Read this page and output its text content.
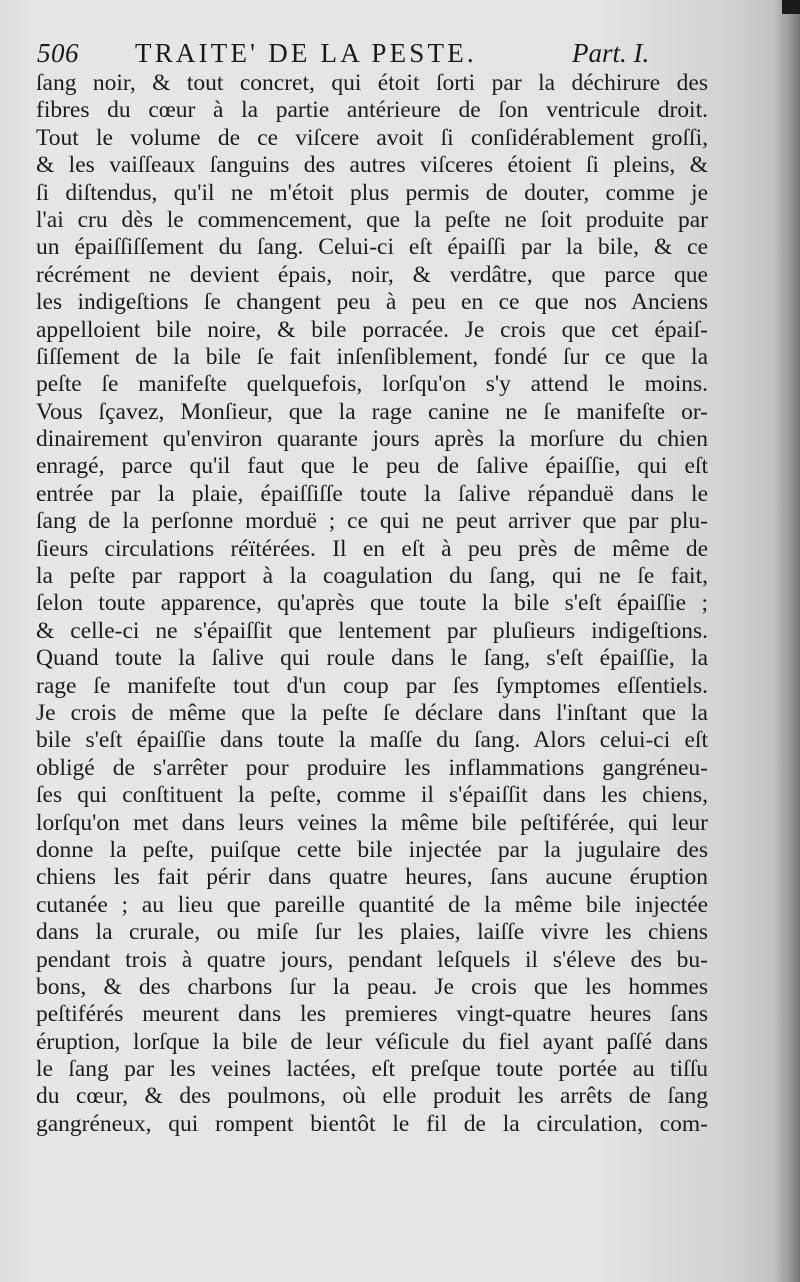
506 TRAITE' DE LA PESTE.	Part. I.
ſang noir, & tout concret, qui étoit ſorti par la déchirure des
fibres du cœur à la partie antérieure de ſon ventricule droit.
Tout le volume de ce viſcere avoit ſi conſidérablement groſſi,
& les vaiſſeaux ſanguins des autres viſceres étoient ſi pleins, &
ſi diſtendus, qu'il ne m'étoit plus permis de douter, comme je
l'ai cru dès le commencement, que la peſte ne ſoit produite par
un épaiſſiſſement du ſang. Celui-ci eſt épaiſſi par la bile, & ce
récrément ne devient épais, noir, & verdâtre, que parce que
les indigeſtions ſe changent peu à peu en ce que nos Anciens
appelloient bile noire, & bile porracée. Je crois que cet épaiſ-
ſiſſement de la bile ſe fait inſenſiblement, fondé ſur ce que la
peſte ſe manifeſte quelquefois, lorſqu'on s'y attend le moins.
Vous ſçavez, Monſieur, que la rage canine ne ſe manifeſte or-
dinairement qu'environ quarante jours après la morſure du chien
enragé, parce qu'il faut que le peu de ſalive épaiſſie, qui eſt
entrée par la plaie, épaiſſiſſe toute la ſalive répanduë dans le
ſang de la perſonne morduë ; ce qui ne peut arriver que par plu-
ſieurs circulations réïtérées. Il en eſt à peu près de même de
la peſte par rapport à la coagulation du ſang, qui ne ſe fait,
ſelon toute apparence, qu'après que toute la bile s'eſt épaiſſie ;
& celle-ci ne s'épaiſſit que lentement par pluſieurs indigeſtions.
Quand toute la ſalive qui roule dans le ſang, s'eſt épaiſſie, la
rage ſe manifeſte tout d'un coup par ſes ſymptomes eſſentiels.
Je crois de même que la peſte ſe déclare dans l'inſtant que la
bile s'eſt épaiſſie dans toute la maſſe du ſang. Alors celui-ci eſt
obligé de s'arrêter pour produire les inflammations gangréneu-
ſes qui conſtituent la peſte, comme il s'épaiſſit dans les chiens,
lorſqu'on met dans leurs veines la même bile peſtiférée, qui leur
donne la peſte, puiſque cette bile injectée par la jugulaire des
chiens les fait périr dans quatre heures, ſans aucune éruption
cutanée ; au lieu que pareille quantité de la même bile injectée
dans la crurale, ou miſe ſur les plaies, laiſſe vivre les chiens
pendant trois à quatre jours, pendant leſquels il s'éleve des bu-
bons, & des charbons ſur la peau. Je crois que les hommes
peſtiférés meurent dans les premieres vingt-quatre heures ſans
éruption, lorſque la bile de leur véſicule du fiel ayant paſſé dans
le ſang par les veines lactées, eſt preſque toute portée au tiſſu
du cœur, & des poulmons, où elle produit les arrêts de ſang
gangréneux, qui rompent bientôt le fil de la circulation, com-
